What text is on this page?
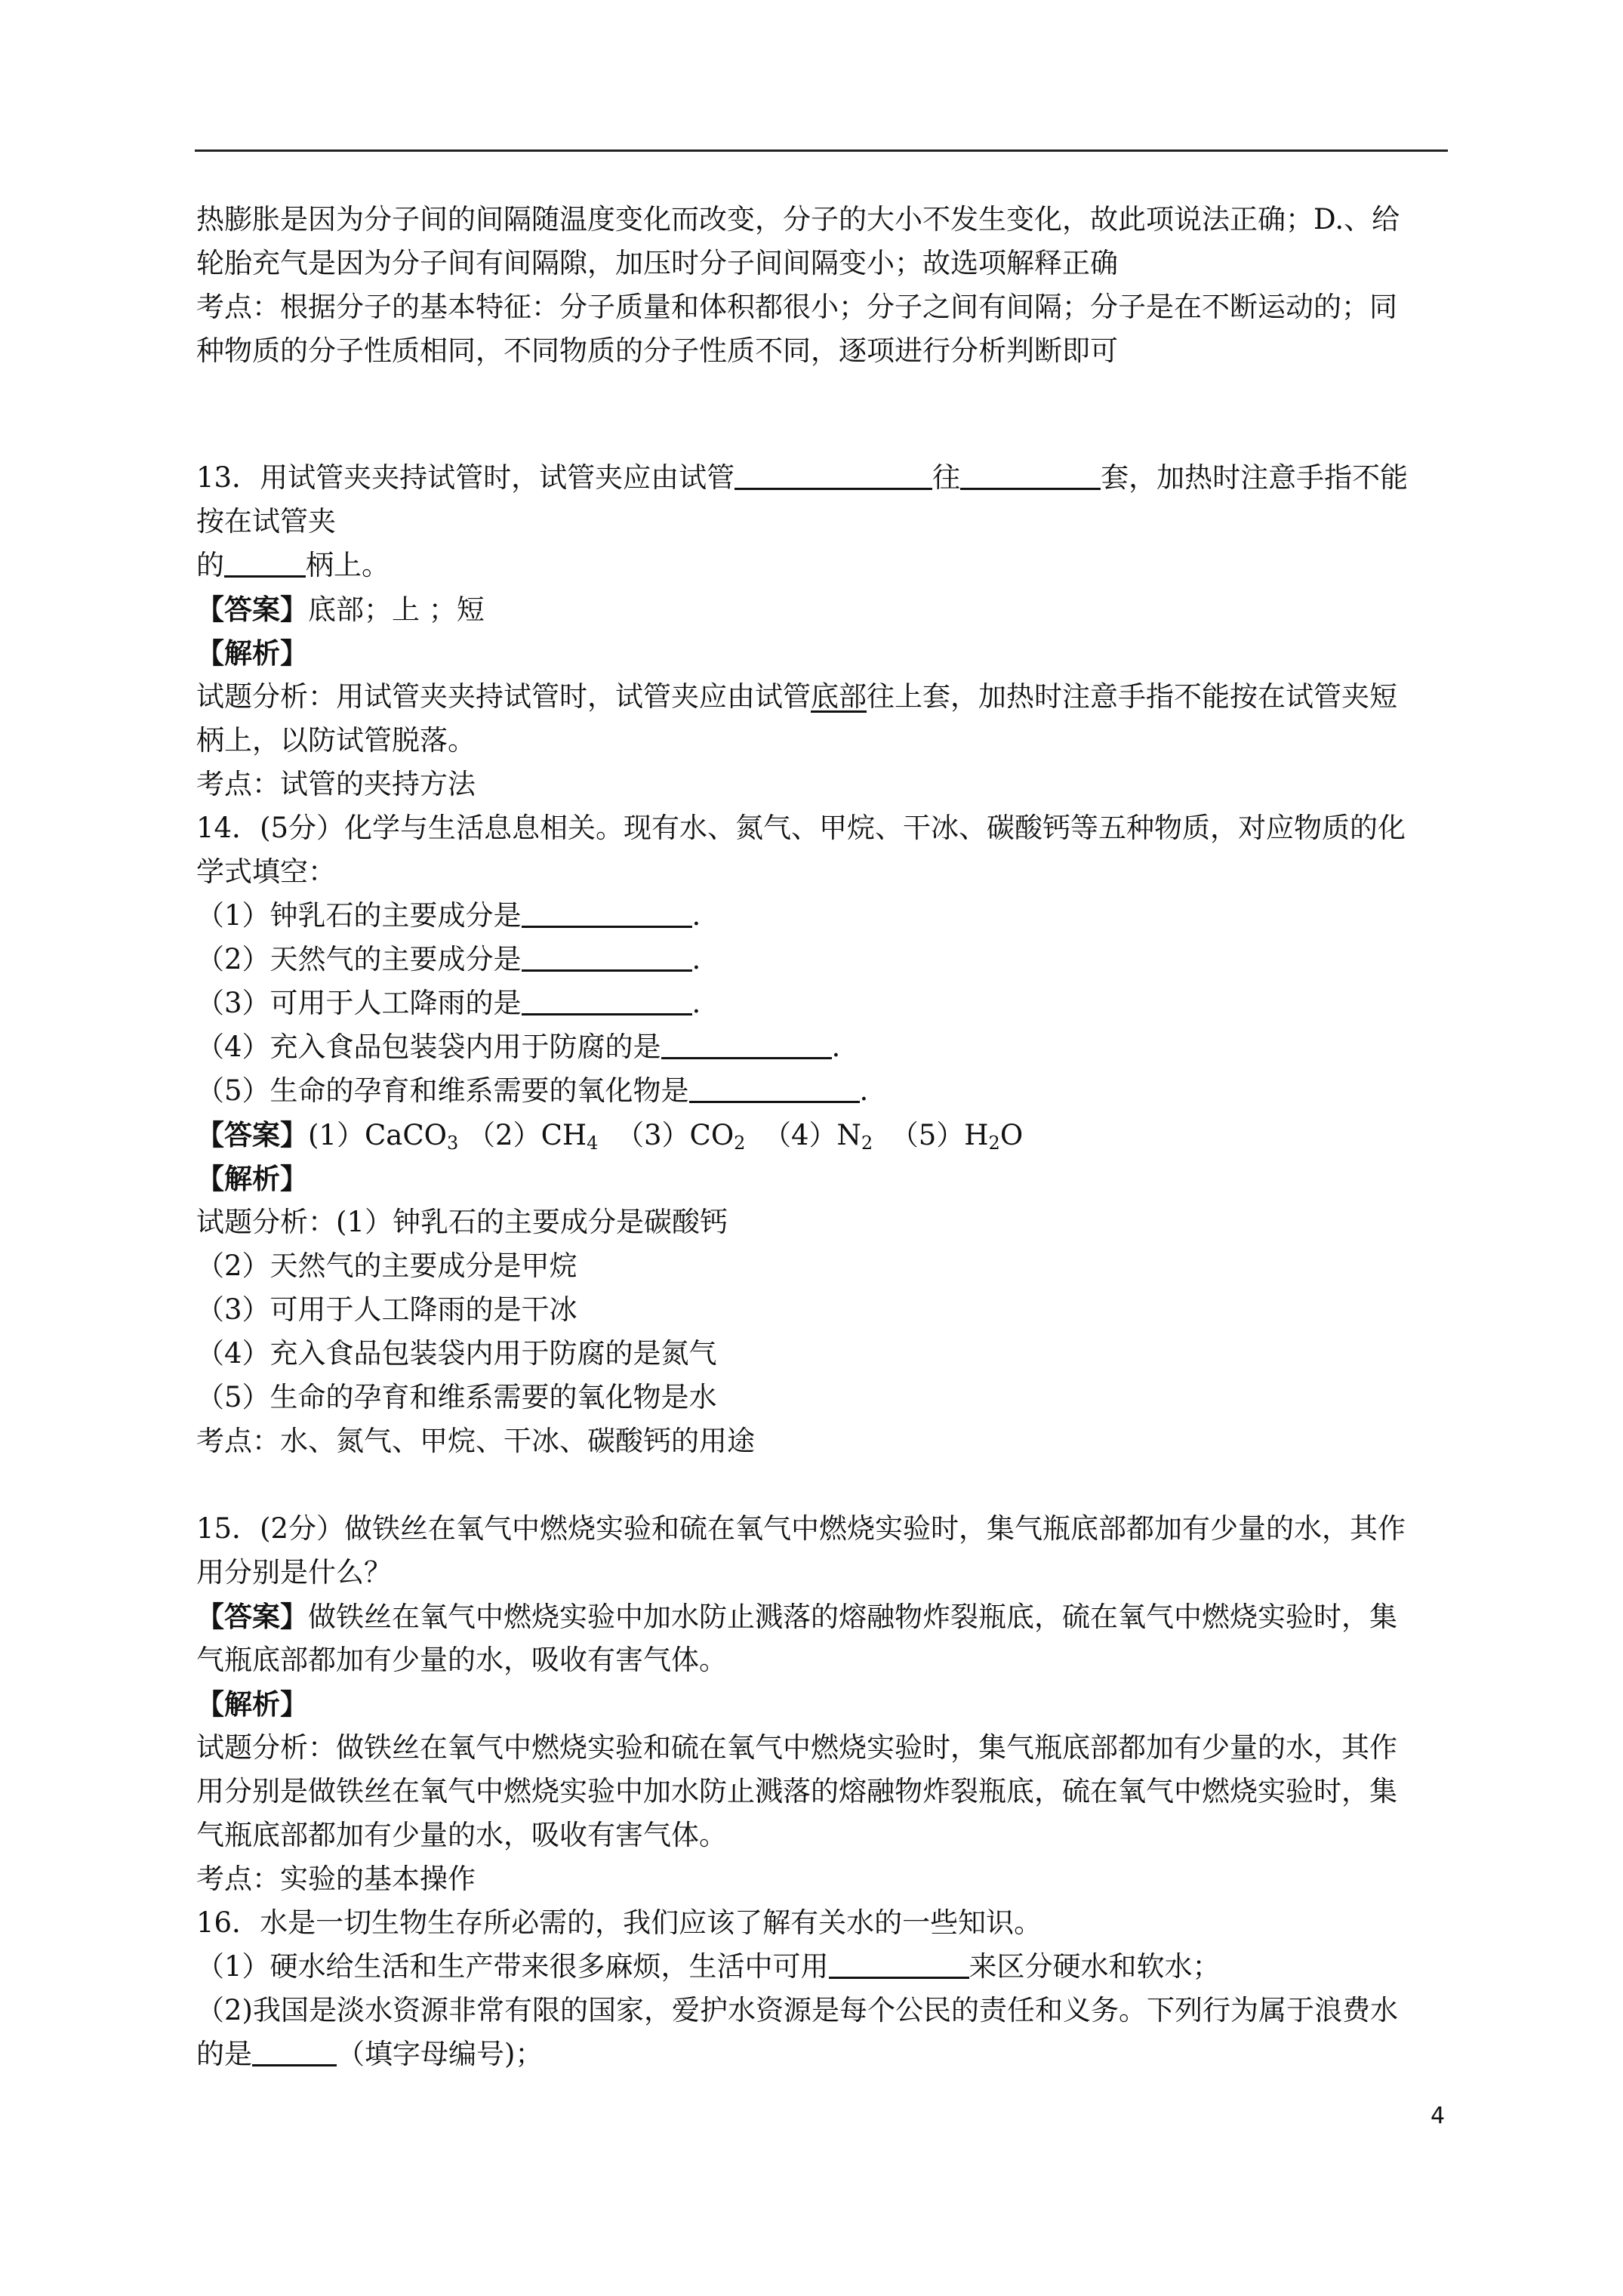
热膨胀是因为分子间的间隔随温度变化而改变，分子的大小不发生变化，故此项说法正确；D.、给
轮胎充气是因为分子间有间隔隙，加压时分子间间隔变小；故选项解释正确
考点：根据分子的基本特征：分子质量和体积都很小；分子之间有间隔；分子是在不断运动的；同
种物质的分子性质相同，不同物质的分子性质不同，逐项进行分析判断即可
13．用试管夹夹持试管时，试管夹应由试管	往	套，加热时注意手指不能
按在试管夹
的	柄上。
【答案】底部；上 ；短
【解析】
试题分析：用试管夹夹持试管时，试管夹应由试管底部往上套，加热时注意手指不能按在试管夹短
柄上，以防试管脱落。
考点：试管的夹持方法
14．(5分）化学与生活息息相关。现有水、氮气、甲烷、干冰、碳酸钙等五种物质，对应物质的化
学式填空：
（1）钟乳石的主要成分是	.
（2）天然气的主要成分是	.
（3）可用于人工降雨的是	.
（4）充入食品包装袋内用于防腐的是	.
（5）生命的孕育和维系需要的氧化物是	.
【答案】(1）CaCO$_3$ $(2)CH_4$ $(3)CO_2$ $(4)N_2$ $(5)H_2O$
【解析】
试题分析：(1）钟乳石的主要成分是碳酸钙
（2）天然气的主要成分是甲烷
（3）可用于人工降雨的是干冰
（4）充入食品包装袋内用于防腐的是氮气
（5）生命的孕育和维系需要的氧化物是水
考点：水、氮气、甲烷、干冰、碳酸钙的用途
15．(2分）做铁丝在氧气中燃烧实验和硫在氧气中燃烧实验时，集气瓶底部都加有少量的水，其作
用分别是什么？
【答案】做铁丝在氧气中燃烧实验中加水防止溅落的熔融物炸裂瓶底，硫在氧气中燃烧实验时，集
气瓶底部都加有少量的水，吸收有害气体。
【解析】
试题分析：做铁丝在氧气中燃烧实验和硫在氧气中燃烧实验时，集气瓶底部都加有少量的水，其作
用分别是做铁丝在氧气中燃烧实验中加水防止溅落的熔融物炸裂瓶底，硫在氧气中燃烧实验时，集
气瓶底部都加有少量的水，吸收有害气体。
考点：实验的基本操作
16．水是一切生物生存所必需的，我们应该了解有关水的一些知识。
（1）硬水给生活和生产带来很多麻烦，生活中可用	来区分硬水和软水；
（2)我国是淡水资源非常有限的国家，爱护水资源是每个公民的责任和义务。下列行为属于浪费水
的是	（填字母编号)；
4
